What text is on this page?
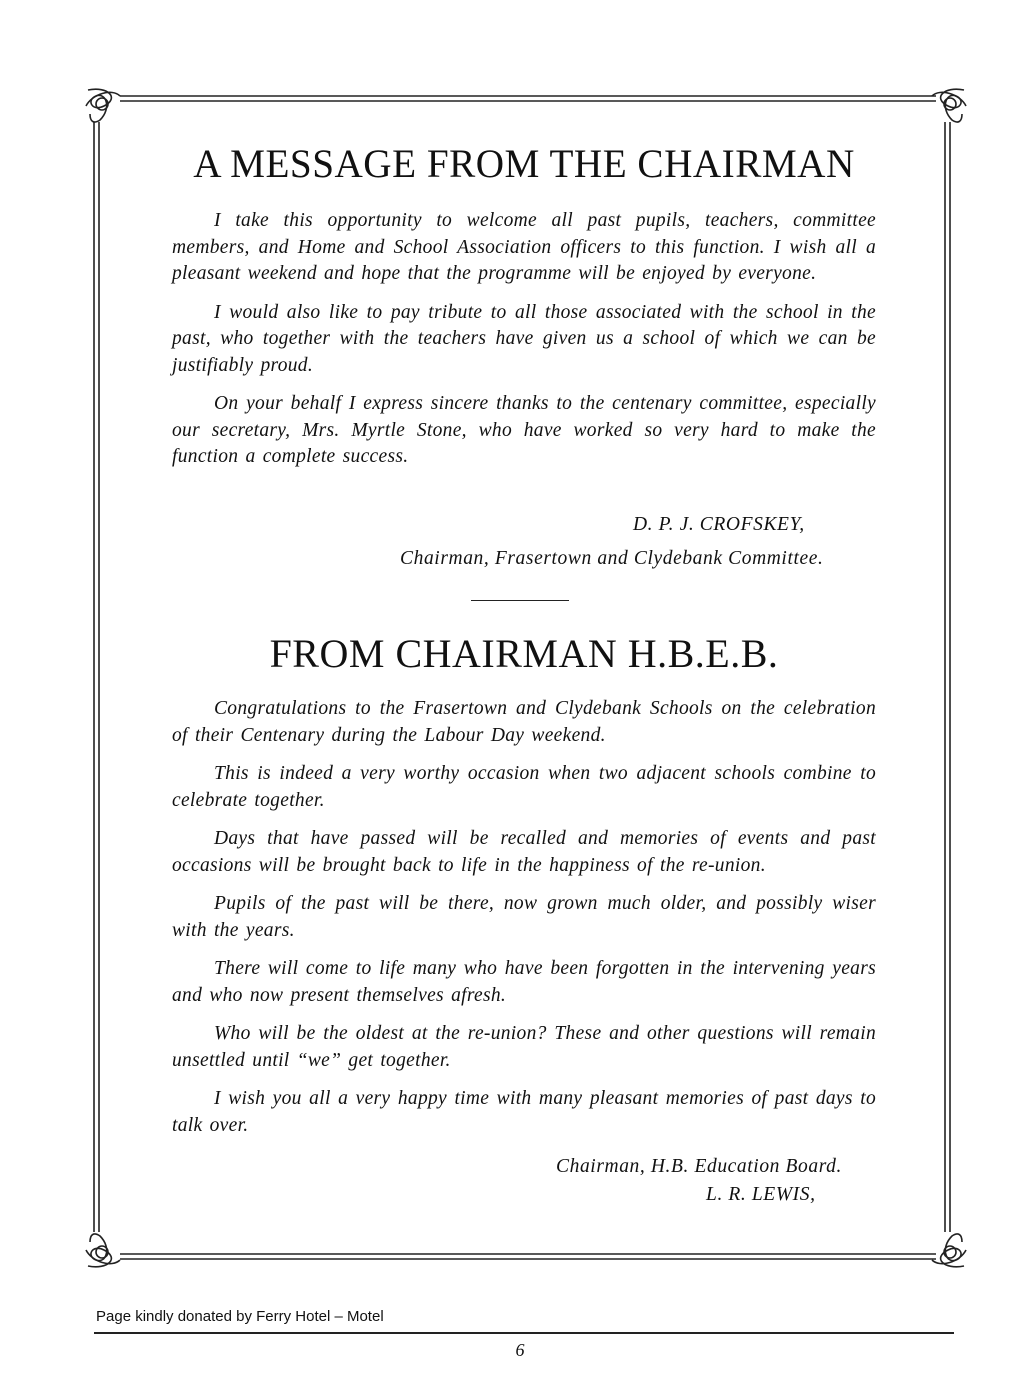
A MESSAGE FROM THE CHAIRMAN

I take this opportunity to welcome all past pupils, teachers, committee members, and Home and School Association officers to this function. I wish all a pleasant weekend and hope that the programme will be enjoyed by everyone.

I would also like to pay tribute to all those associated with the school in the past, who together with the teachers have given us a school of which we can be justifiably proud.

On your behalf I express sincere thanks to the centenary committee, especially our secretary, Mrs. Myrtle Stone, who have worked so very hard to make the function a complete success.

D. P. J. CROFSKEY,
Chairman, Frasertown and Clydebank Committee.
FROM CHAIRMAN H.B.E.B.

Congratulations to the Frasertown and Clydebank Schools on the celebration of their Centenary during the Labour Day weekend.

This is indeed a very worthy occasion when two adjacent schools combine to celebrate together.

Days that have passed will be recalled and memories of events and past occasions will be brought back to life in the happiness of the re-union.

Pupils of the past will be there, now grown much older, and possibly wiser with the years.

There will come to life many who have been forgotten in the intervening years and who now present themselves afresh.

Who will be the oldest at the re-union? These and other questions will remain unsettled until “we” get together.

I wish you all a very happy time with many pleasant memories of past days to talk over.

Chairman, H.B. Education Board.
L. R. LEWIS,
Page kindly donated by Ferry Hotel – Motel
6
